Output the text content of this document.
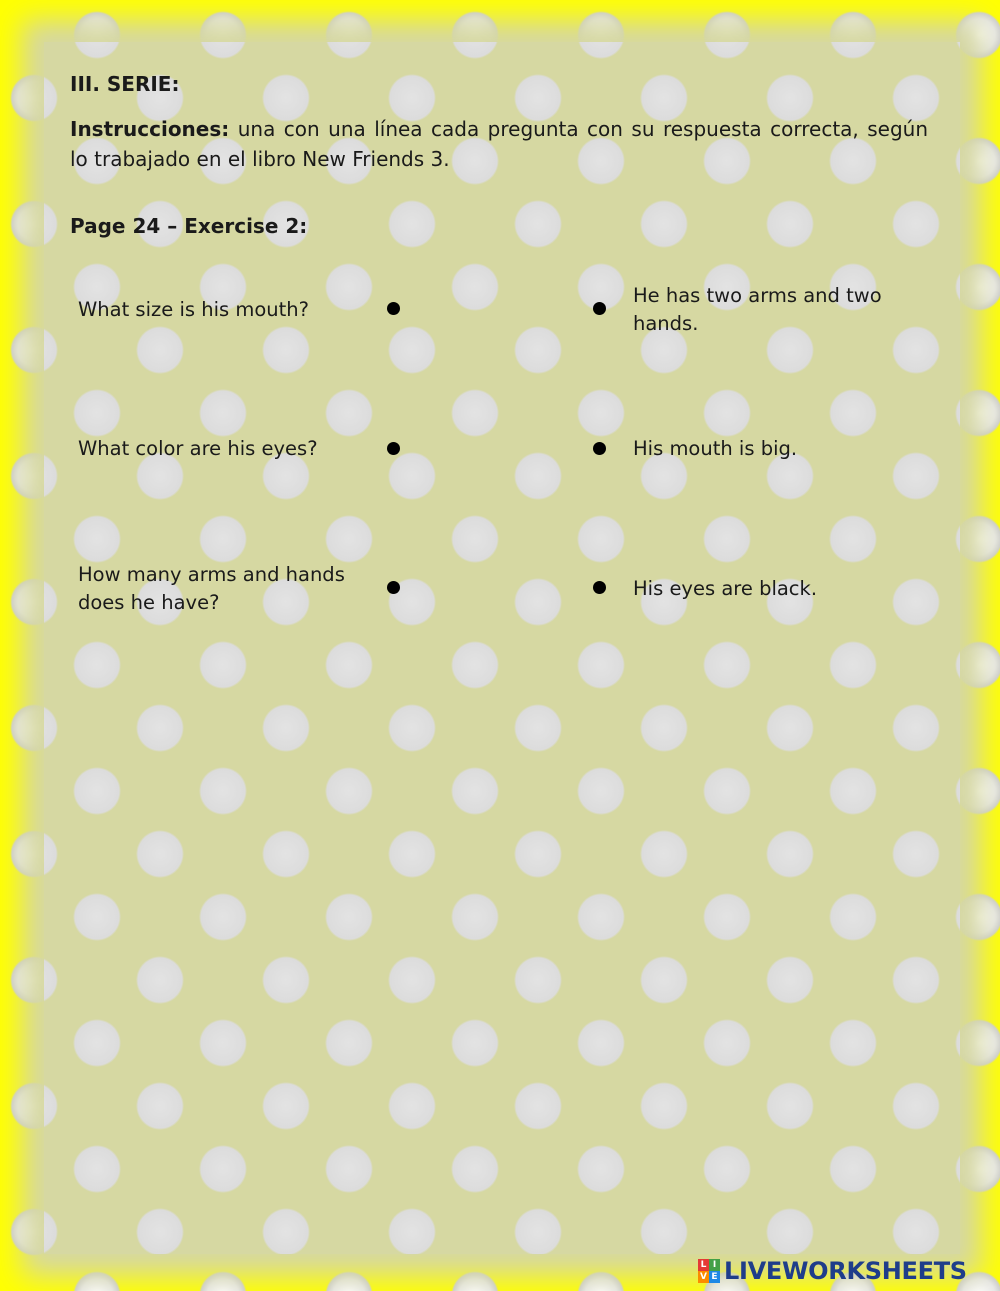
III. SERIE:
Instrucciones: una con una línea cada pregunta con su respuesta correcta, según lo trabajado en el libro New Friends 3.
Page 24 – Exercise 2:
What size is his mouth?
What color are his eyes?
How many arms and hands does he have?
He has two arms and two hands.
His mouth is big.
His eyes are black.
L I
V E LIVEWORKSHEETS
